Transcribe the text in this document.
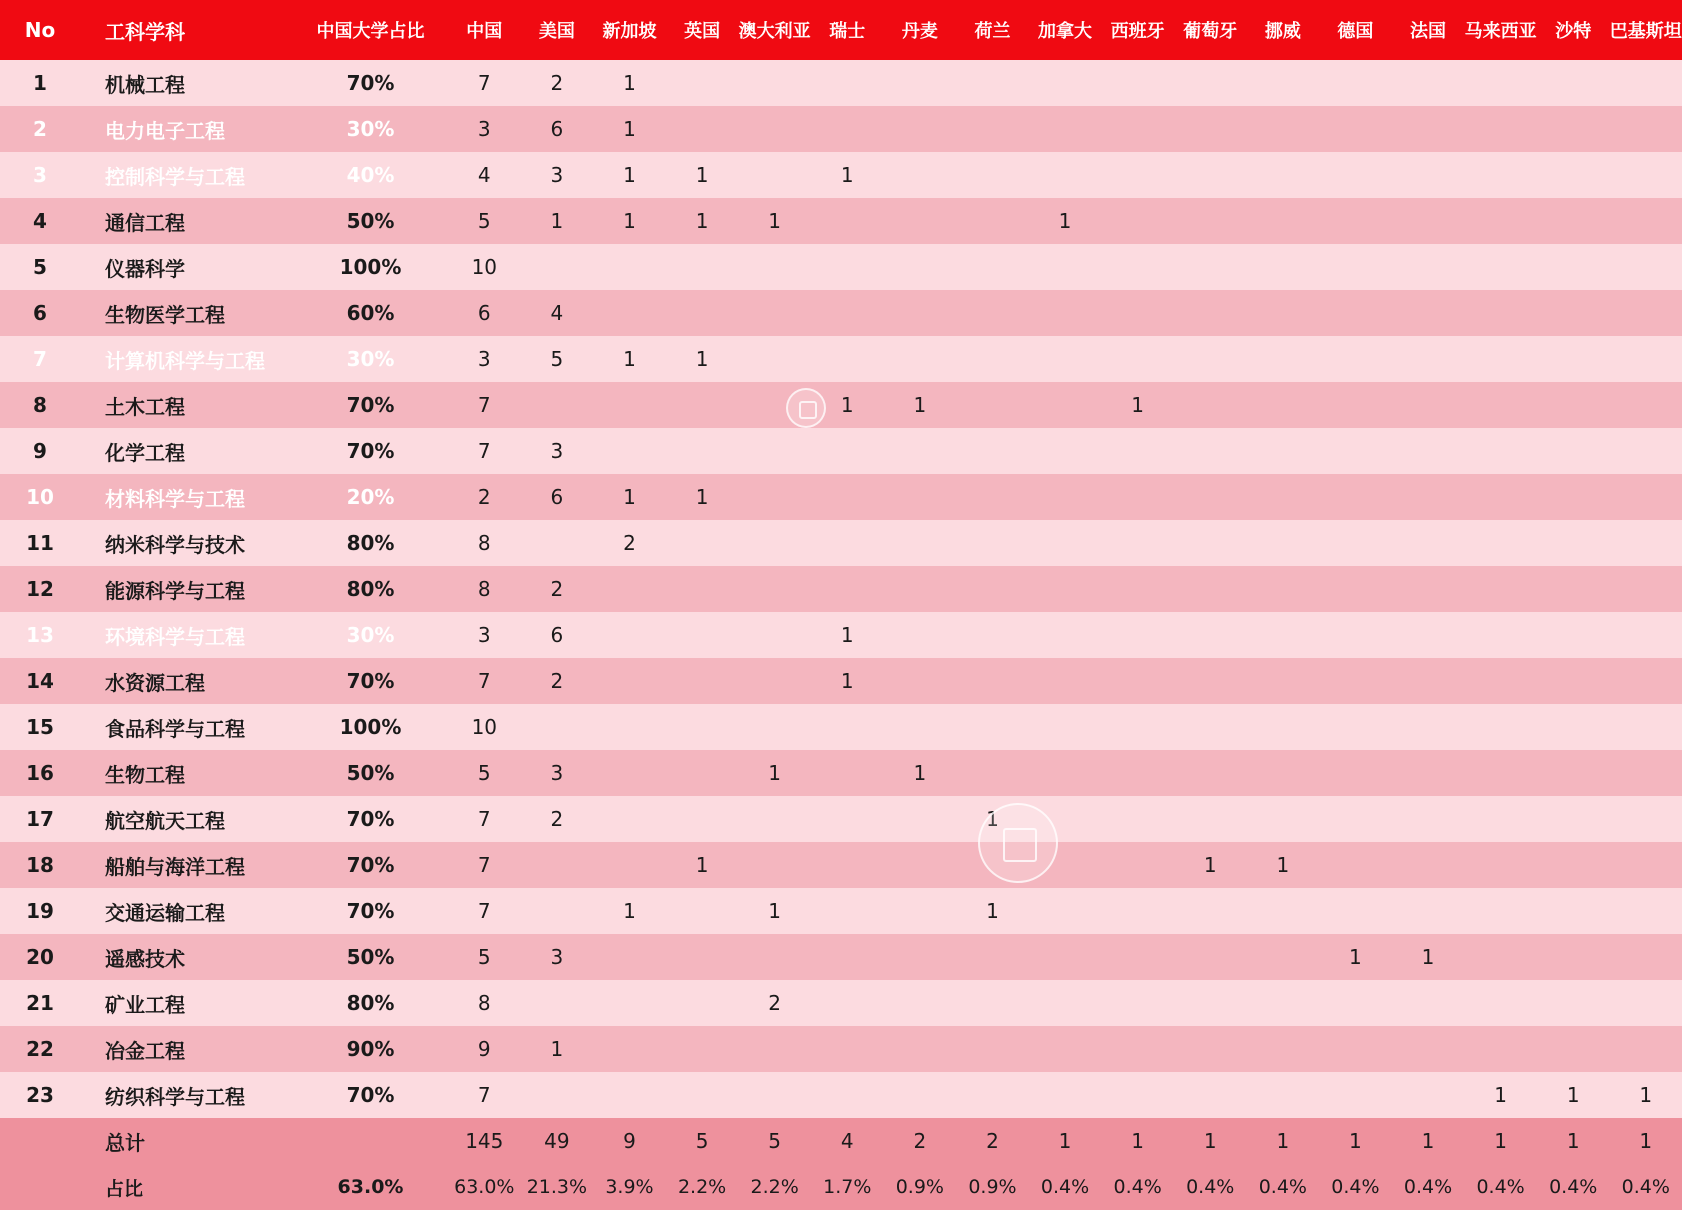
No	工科学科	中国大学占比	中国	美国	新加坡	英国	澳大利亚	瑞士	丹麦	荷兰	加拿大	西班牙	葡萄牙	挪威	德国	法国	马来西亚	沙特	巴基斯坦
1	机械工程	70%	7	2	1														
2	电力电子工程	30%	3	6	1														
3	控制科学与工程	40%	4	3	1	1		1											
4	通信工程	50%	5	1	1	1	1				1								
5	仪器科学	100%	10																
6	生物医学工程	60%	6	4															
7	计算机科学与工程	30%	3	5	1	1													
8	土木工程	70%	7					1	1			1							
9	化学工程	70%	7	3															
10	材料科学与工程	20%	2	6	1	1													
11	纳米科学与技术	80%	8		2														
12	能源科学与工程	80%	8	2															
13	环境科学与工程	30%	3	6				1											
14	水资源工程	70%	7	2				1											
15	食品科学与工程	100%	10																
16	生物工程	50%	5	3			1		1										
17	航空航天工程	70%	7	2						1									
18	船舶与海洋工程	70%	7			1							1	1					
19	交通运输工程	70%	7		1		1			1									
20	遥感技术	50%	5	3											1	1			
21	矿业工程	80%	8				2												
22	冶金工程	90%	9	1															
23	纺织科学与工程	70%	7														1	1	1
	总计		145	49	9	5	5	4	2	2	1	1	1	1	1	1	1	1	1
	占比	63.0%	63.0%	21.3%	3.9%	2.2%	2.2%	1.7%	0.9%	0.9%	0.4%	0.4%	0.4%	0.4%	0.4%	0.4%	0.4%	0.4%	0.4%
